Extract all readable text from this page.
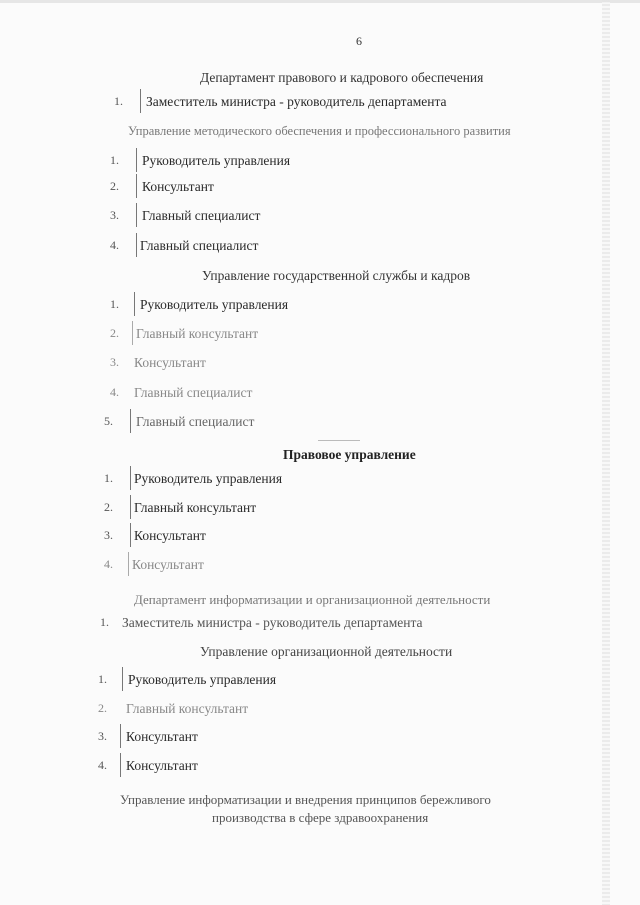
6
Департамент правового и кадрового обеспечения
1.	Заместитель министра - руководитель департамента
Управление методического обеспечения и профессионального развития
1.	Руководитель управления
2.	Консультант
3.	Главный специалист
4.	Главный специалист
Управление государственной службы и кадров
1.	Руководитель управления
2.	Главный консультант
3.	Консультант
4.	Главный специалист
5.	Главный специалист
Правовое управление
1.	Руководитель управления
2.	Главный консультант
3.	Консультант
4.	Консультант
Департамент информатизации и организационной деятельности
1. Заместитель министра - руководитель департамента
Управление организационной деятельности
1.	Руководитель управления
2.	Главный консультант
3.	Консультант
4.	Консультант
Управление информатизации и внедрения принципов бережливого
производства в сфере здравоохранения
